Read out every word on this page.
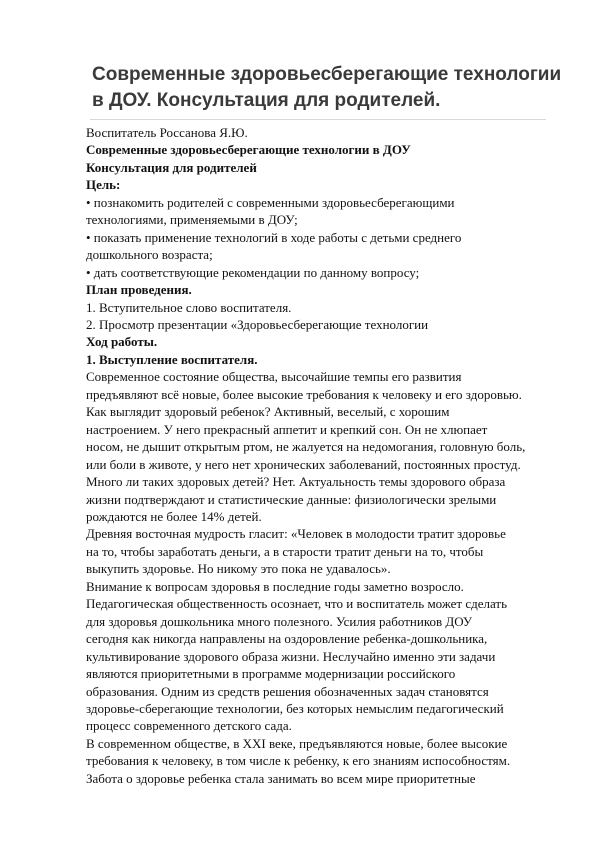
Современные здоровьесберегающие технологии
в ДОУ. Консультация для родителей.
Воспитатель Россанова Я.Ю.
Современные здоровьесберегающие технологии в ДОУ
Консультация для родителей
Цель:
• познакомить родителей с современными здоровьесберегающими
технологиями, применяемыми в ДОУ;
• показать применение технологий в ходе работы с детьми среднего
дошкольного возраста;
• дать соответствующие рекомендации по данному вопросу;
План проведения.
1. Вступительное слово воспитателя.
2. Просмотр презентации «Здоровьесберегающие технологии
Ход работы.
1. Выступление воспитателя.
Современное состояние общества, высочайшие темпы его развития
предъявляют всё новые, более высокие требования к человеку и его здоровью.
Как выглядит здоровый ребенок? Активный, веселый, с хорошим
настроением. У него прекрасный аппетит и крепкий сон. Он не хлюпает
носом, не дышит открытым ртом, не жалуется на недомогания, головную боль,
или боли в животе, у него нет хронических заболеваний, постоянных простуд.
Много ли таких здоровых детей? Нет. Актуальность темы здорового образа
жизни подтверждают и статистические данные: физиологически зрелыми
рождаются не более 14% детей.
Древняя восточная мудрость гласит: «Человек в молодости тратит здоровье
на то, чтобы заработать деньги, а в старости тратит деньги на то, чтобы
выкупить здоровье. Но никому это пока не удавалось».
Внимание к вопросам здоровья в последние годы заметно возросло.
Педагогическая общественность осознает, что и воспитатель может сделать
для здоровья дошкольника много полезного. Усилия работников ДОУ
сегодня как никогда направлены на оздоровление ребенка-дошкольника,
культивирование здорового образа жизни. Неслучайно именно эти задачи
являются приоритетными в программе модернизации российского
образования. Одним из средств решения обозначенных задач становятся
здоровье-сберегающие технологии, без которых немыслим педагогический
процесс современного детского сада.
В современном обществе, в XXI веке, предъявляются новые, более высокие
требования к человеку, в том числе к ребенку, к его знаниям испособностям.
Забота о здоровье ребенка стала занимать во всем мире приоритетные
